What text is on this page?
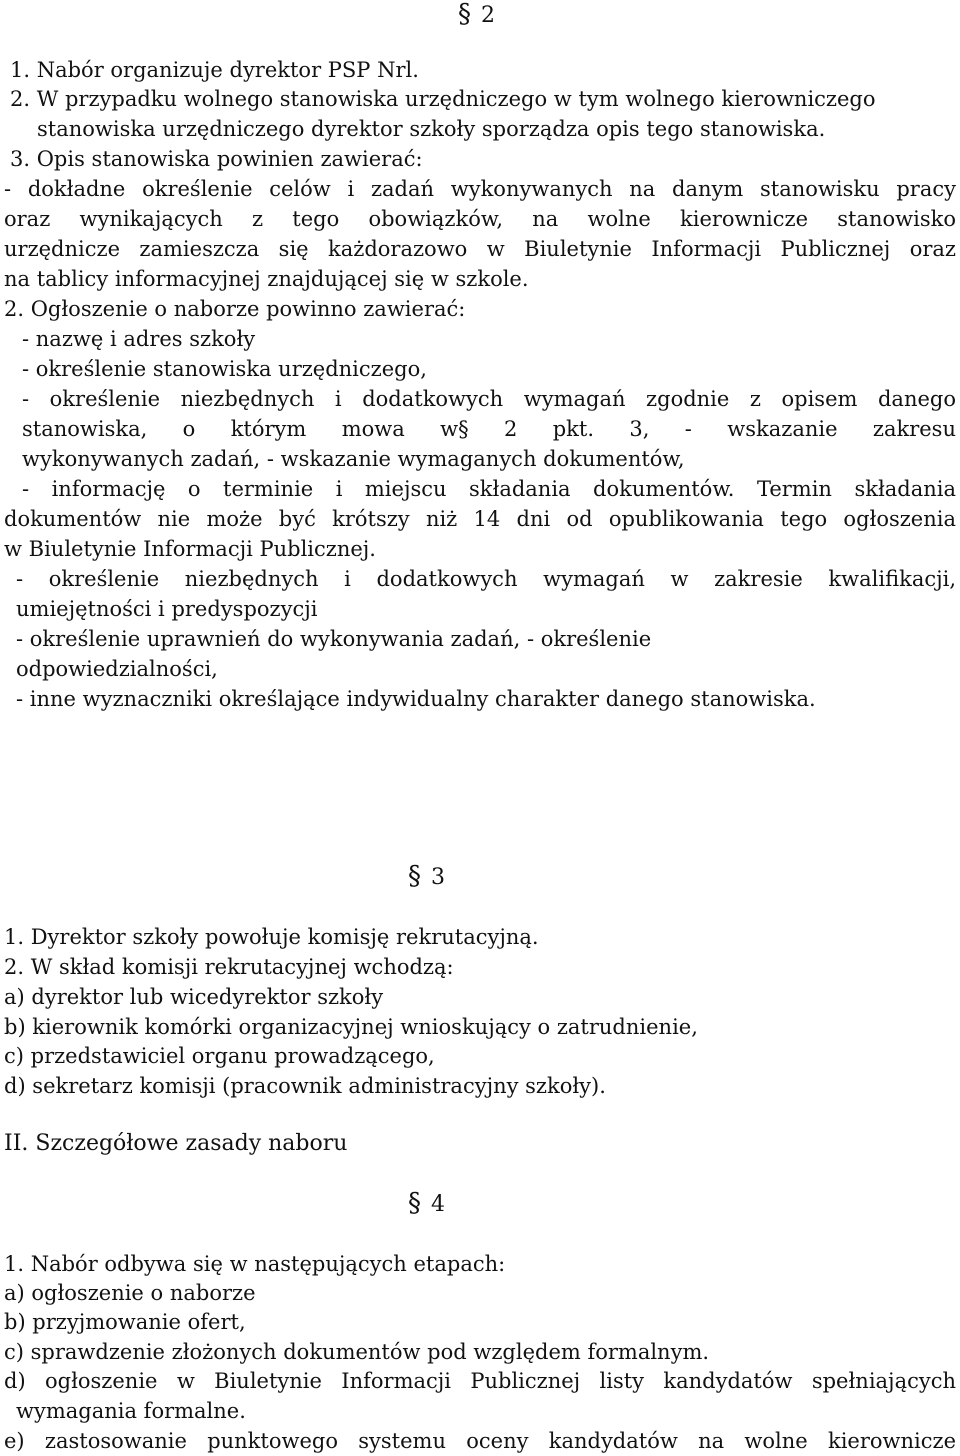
§ 2
§ 3
§ 4
1. Nabór organizuje dyrektor PSP Nrl.
2. W przypadku wolnego stanowiska urzędniczego w tym wolnego kierowniczego
stanowiska urzędniczego dyrektor szkoły sporządza opis tego stanowiska.
3. Opis stanowiska powinien zawierać:
- dokładne określenie celów i zadań wykonywanych na danym stanowisku pracy
oraz wynikających z tego obowiązków, na wolne kierownicze stanowisko
urzędnicze zamieszcza się każdorazowo w Biuletynie Informacji Publicznej oraz
na tablicy informacyjnej znajdującej się w szkole.
2. Ogłoszenie o naborze powinno zawierać:
- nazwę i adres szkoły
- określenie stanowiska urzędniczego,
- określenie niezbędnych i dodatkowych wymagań zgodnie z opisem danego
stanowiska, o którym mowa w§ 2 pkt. 3, - wskazanie zakresu
wykonywanych zadań, - wskazanie wymaganych dokumentów,
- informację o terminie i miejscu składania dokumentów. Termin składania
dokumentów nie może być krótszy niż 14 dni od opublikowania tego ogłoszenia
w Biuletynie Informacji Publicznej.
- określenie niezbędnych i dodatkowych wymagań w zakresie kwalifikacji,
umiejętności i predyspozycji
- określenie uprawnień do wykonywania zadań, - określenie
odpowiedzialności,
- inne wyznaczniki określające indywidualny charakter danego stanowiska.
1. Dyrektor szkoły powołuje komisję rekrutacyjną.
2. W skład komisji rekrutacyjnej wchodzą:
a) dyrektor lub wicedyrektor szkoły
b) kierownik komórki organizacyjnej wnioskujący o zatrudnienie,
c) przedstawiciel organu prowadzącego,
d) sekretarz komisji (pracownik administracyjny szkoły).
II. Szczegółowe zasady naboru
1. Nabór odbywa się w następujących etapach:
a) ogłoszenie o naborze
b) przyjmowanie ofert,
c) sprawdzenie złożonych dokumentów pod względem formalnym.
d) ogłoszenie w Biuletynie Informacji Publicznej listy kandydatów spełniających
wymagania formalne.
e) zastosowanie punktowego systemu oceny kandydatów na wolne kierownicze
